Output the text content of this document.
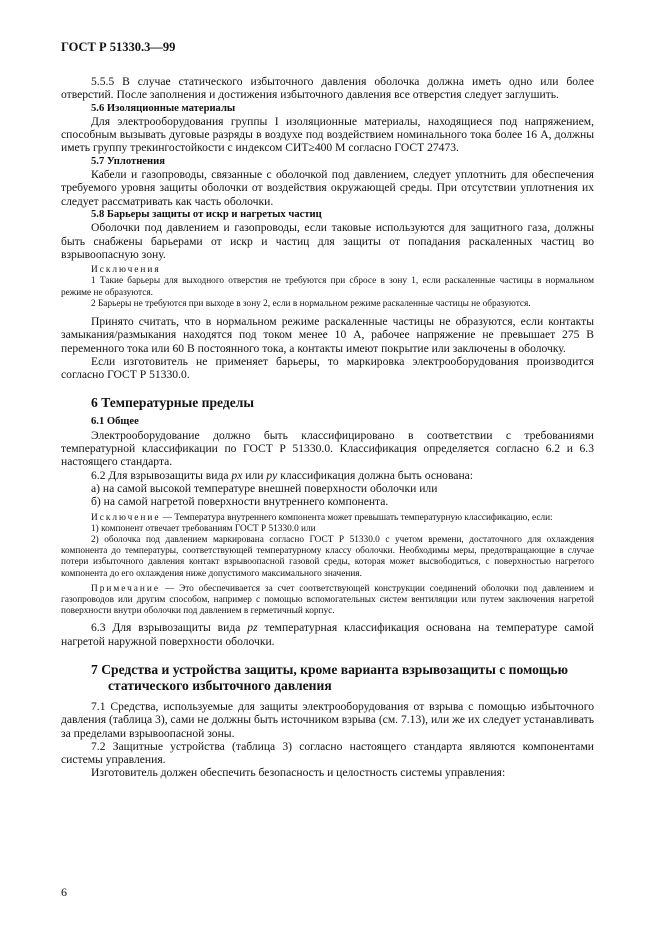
ГОСТ Р 51330.3—99

5.5.5 В случае статического избыточного давления оболочка должна иметь одно или более отверстий. После заполнения и достижения избыточного давления все отверстия следует заглушить.

5.6 Изоляционные материалы

Для электрооборудования группы I изоляционные материалы, находящиеся под напряжением, способным вызывать дуговые разряды в воздухе под воздействием номинального тока более 16 А, должны иметь группу трекингостойкости с индексом СИТ≥400 М согласно ГОСТ 27473.

5.7 Уплотнения

Кабели и газопроводы, связанные с оболочкой под давлением, следует уплотнить для обеспечения требуемого уровня защиты оболочки от воздействия окружающей среды. При отсутствии уплотнения их следует рассматривать как часть оболочки.

5.8 Барьеры защиты от искр и нагретых частиц

Оболочки под давлением и газопроводы, если таковые используются для защитного газа, должны быть снабжены барьерами от искр и частиц для защиты от попадания раскаленных частиц во взрывоопасную зону.

Исключения

1 Такие барьеры для выходного отверстия не требуются при сбросе в зону 1, если раскаленные частицы в нормальном режиме не образуются.

2 Барьеры не требуются при выходе в зону 2, если в нормальном режиме раскаленные частицы не образуются.

Принято считать, что в нормальном режиме раскаленные частицы не образуются, если контакты замыкания/размыкания находятся под током менее 10 А, рабочее напряжение не превышает 275 В переменного тока или 60 В постоянного тока, а контакты имеют покрытие или заключены в оболочку.

Если изготовитель не применяет барьеры, то маркировка электрооборудования производится согласно ГОСТ Р 51330.0.

6 Температурные пределы
6.1 Общее

Электрооборудование должно быть классифицировано в соответствии с требованиями температурной классификации по ГОСТ Р 51330.0. Классификация определяется согласно 6.2 и 6.3 настоящего стандарта.

6.2 Для взрывозащиты вида px или py классификация должна быть основана:

а) на самой высокой температуре внешней поверхности оболочки или

б) на самой нагретой поверхности внутреннего компонента.

Исключение — Температура внутреннего компонента может превышать температурную классификацию, если:

1) компонент отвечает требованиям ГОСТ Р 51330.0 или

2) оболочка под давлением маркирована согласно ГОСТ Р 51330.0 с учетом времени, достаточного для охлаждения компонента до температуры, соответствующей температурному классу оболочки. Необходимы меры, предотвращающие в случае потери избыточного давления контакт взрывоопасной газовой среды, которая может высвободиться, с поверхностью нагретого компонента до его охлаждения ниже допустимого максимального значения.

Примечание — Это обеспечивается за счет соответствующей конструкции соединений оболочки под давлением и газопроводов или другим способом, например с помощью вспомогательных систем вентиляции или путем заключения нагретой поверхности внутри оболочки под давлением в герметичный корпус.

6.3 Для взрывозащиты вида pz температурная классификация основана на температуре самой нагретой наружной поверхности оболочки.

7 Средства и устройства защиты, кроме варианта взрывозащиты с помощью
статического избыточного давления

7.1 Средства, используемые для защиты электрооборудования от взрыва с помощью избыточного давления (таблица 3), сами не должны быть источником взрыва (см. 7.13), или же их следует устанавливать за пределами взрывоопасной зоны.

7.2 Защитные устройства (таблица 3) согласно настоящего стандарта являются компонентами системы управления.

Изготовитель должен обеспечить безопасность и целостность системы управления:

6
